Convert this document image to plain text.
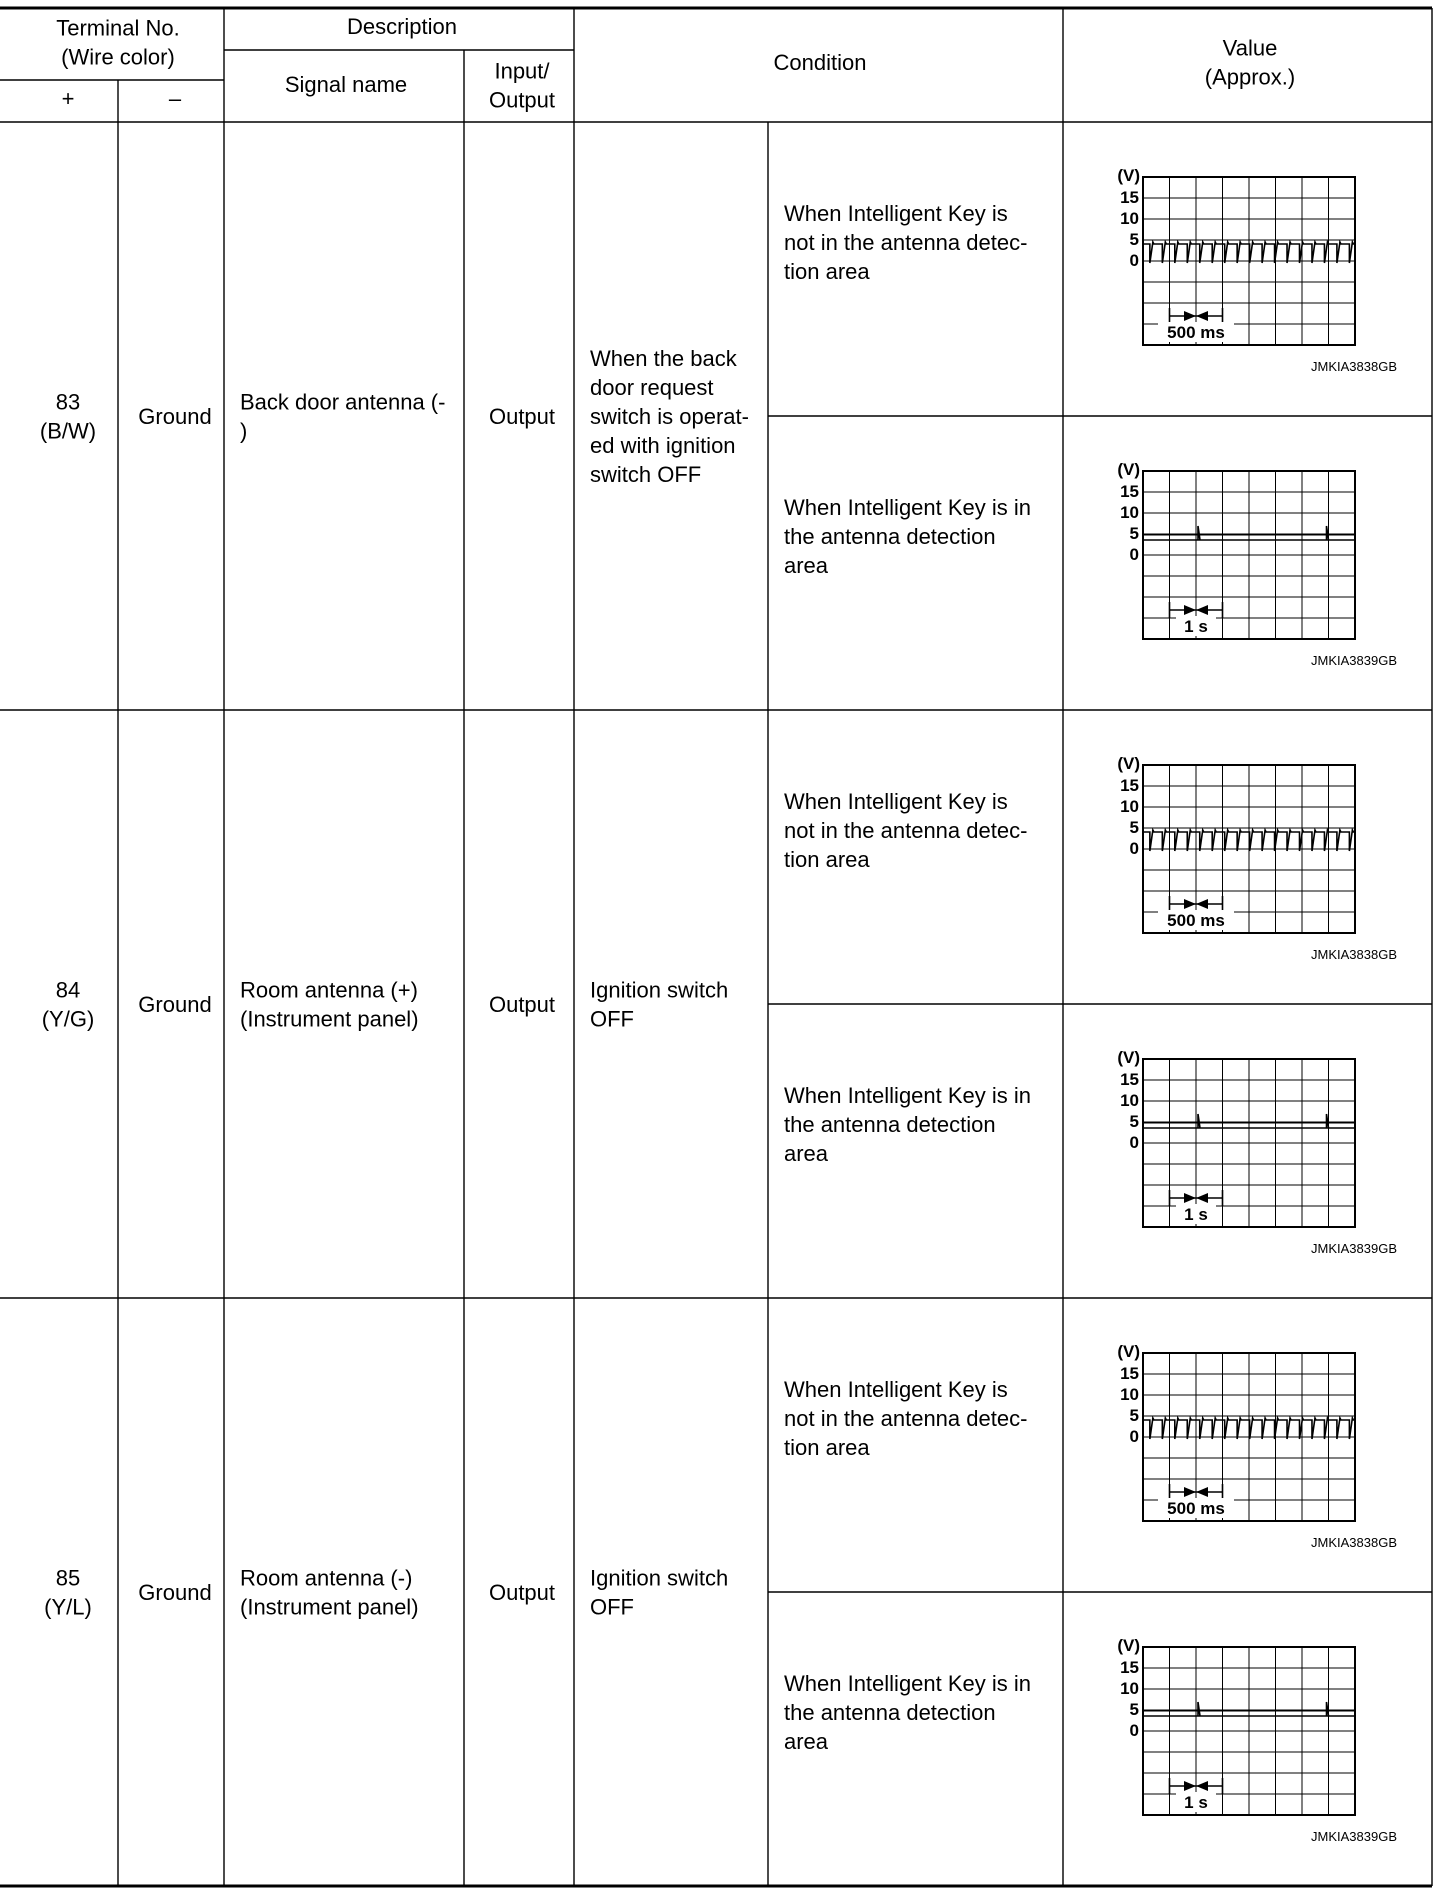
Terminal No.
(Wire color)
+	–
Description
Signal name
Input/
Output
Condition
Value
(Approx.)
83
(B/W)
Ground
Back door antenna (-
)
Output
When the back
door request
switch is operat-
ed with ignition
switch OFF
When Intelligent Key is
not in the antenna detec-
tion area
When Intelligent Key is in
the antenna detection
area
84
(Y/G)
Ground
Room antenna (+)
(Instrument panel)
Output
Ignition switch
OFF
When Intelligent Key is
not in the antenna detec-
tion area
When Intelligent Key is in
the antenna detection
area
85
(Y/L)
Ground
Room antenna (-)
(Instrument panel)
Output
Ignition switch
OFF
When Intelligent Key is
not in the antenna detec-
tion area
When Intelligent Key is in
the antenna detection
area
(V)
15
10
5
0
500 ms
JMKIA3838GB
(V)
15
10
5
0
1 s
JMKIA3839GB
(V)
15
10
5
0
500 ms
JMKIA3838GB
(V)
15
10
5
0
1 s
JMKIA3839GB
(V)
15
10
5
0
500 ms
JMKIA3838GB
(V)
15
10
5
0
1 s
JMKIA3839GB
